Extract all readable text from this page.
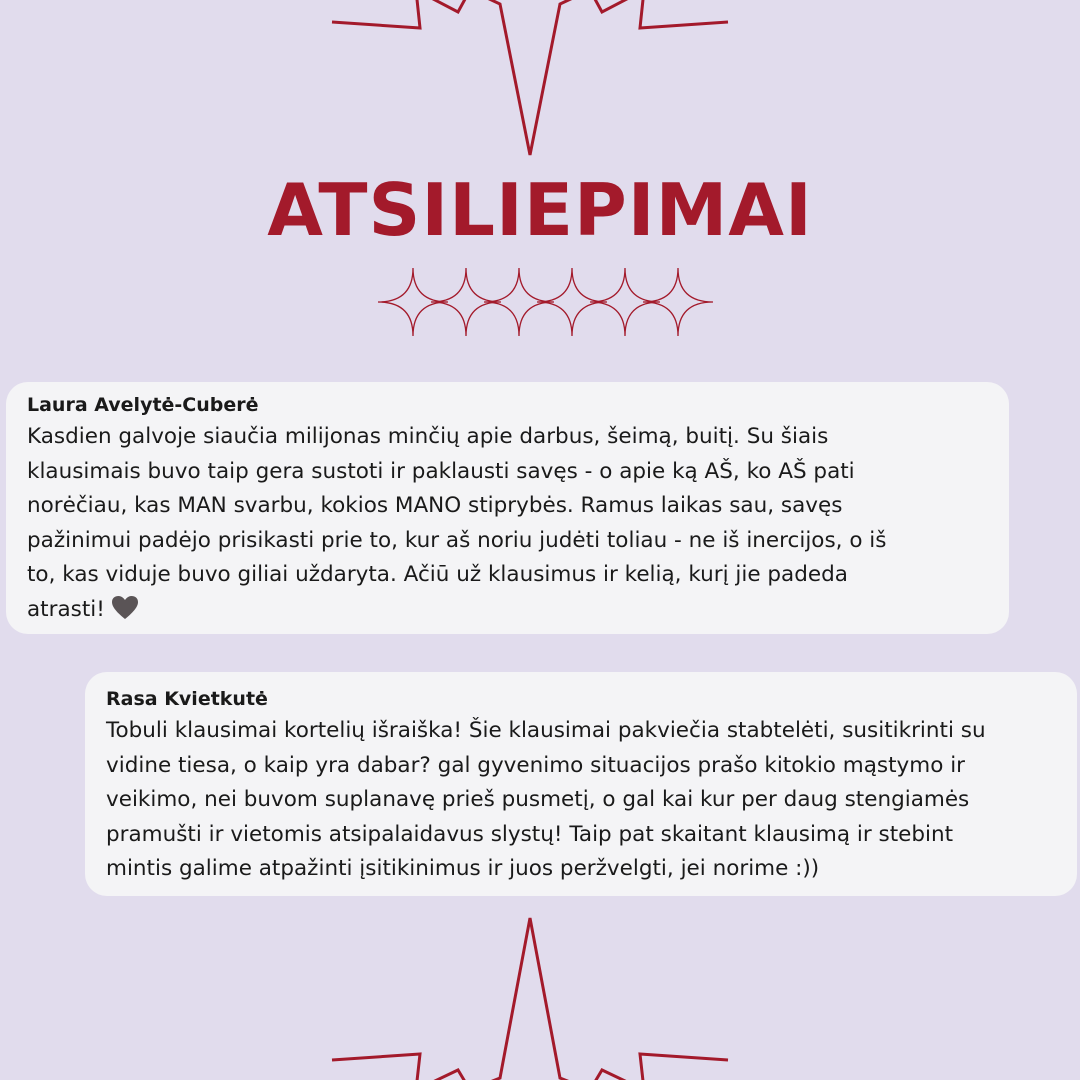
ATSILIEPIMAI

Laura Avelytė-Cuberė

Kasdien galvoje siaučia milijonas minčių apie darbus, šeimą, buitį. Su šiais
klausimais buvo taip gera sustoti ir paklausti savęs - o apie ką AŠ, ko AŠ pati
norėčiau, kas MAN svarbu, kokios MANO stiprybės. Ramus laikas sau, savęs
pažinimui padėjo prisikasti prie to, kur aš noriu judėti toliau - ne iš inercijos, o iš
to, kas viduje buvo giliai uždaryta. Ačiū už klausimus ir kelią, kurį jie padeda
atrasti!

Rasa Kvietkutė

Tobuli klausimai kortelių išraiška! Šie klausimai pakviečia stabtelėti, susitikrinti su
vidine tiesa, o kaip yra dabar? gal gyvenimo situacijos prašo kitokio mąstymo ir
veikimo, nei buvom suplanavę prieš pusmetį, o gal kai kur per daug stengiamės
pramušti ir vietomis atsipalaidavus slystų! Taip pat skaitant klausimą ir stebint
mintis galime atpažinti įsitikinimus ir juos peržvelgti, jei norime :))
